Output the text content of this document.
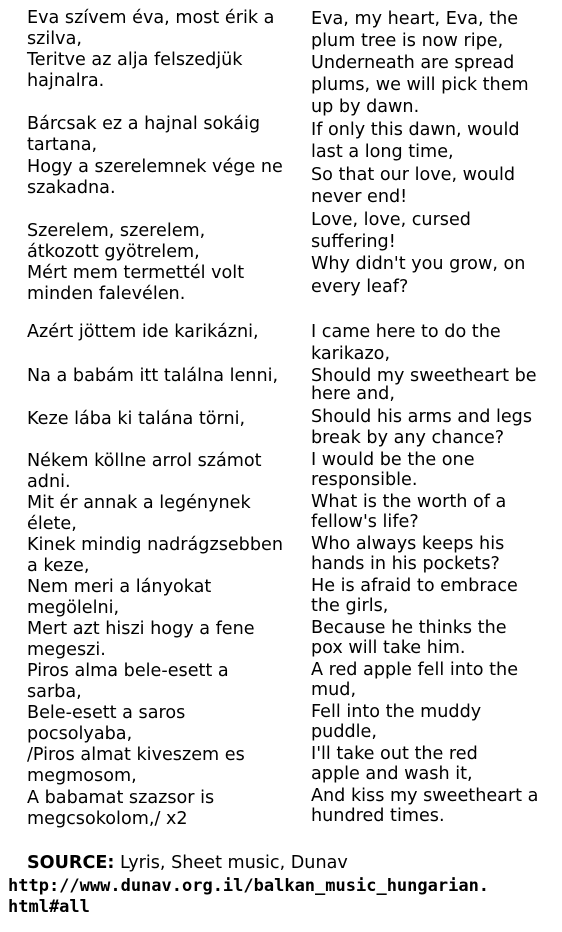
Eva szívem éva, most érik a
szilva,
Teritve az alja felszedjük
hajnalra.
Bárcsak ez a hajnal sokáig
tartana,
Hogy a szerelemnek vége ne
szakadna.
Szerelem, szerelem,
átkozott gyötrelem,
Mért mem termettél volt
minden falevélen.
Azért jöttem ide karikázni,
Na a babám itt találna lenni,
Keze lába ki talána törni,
Nékem köllne arrol számot
adni.
Mit ér annak a legénynek
élete,
Kinek mindig nadrágzsebben
a keze,
Nem meri a lányokat
megölelni,
Mert azt hiszi hogy a fene
megeszi.
Piros alma bele-esett a
sarba,
Bele-esett a saros
pocsolyaba,
/Piros almat kiveszem es
megmosom,
A babamat szazsor is
megcsokolom,/ x2
Eva, my heart, Eva, the
plum tree is now ripe,
Underneath are spread
plums, we will pick them
up by dawn.
If only this dawn, would
last a long time,
So that our love, would
never end!
Love, love, cursed
suffering!
Why didn't you grow, on
every leaf?
I came here to do the
karikazo,
Should my sweetheart be
here and,
Should his arms and legs
break by any chance?
I would be the one
responsible.
What is the worth of a
fellow's life?
Who always keeps his
hands in his pockets?
He is afraid to embrace
the girls,
Because he thinks the
pox will take him.
A red apple fell into the
mud,
Fell into the muddy
puddle,
I'll take out the red
apple and wash it,
And kiss my sweetheart a
hundred times.
SOURCE: Lyris, Sheet music, Dunav
http://www.dunav.org.il/balkan_music_hungarian.
html#all
